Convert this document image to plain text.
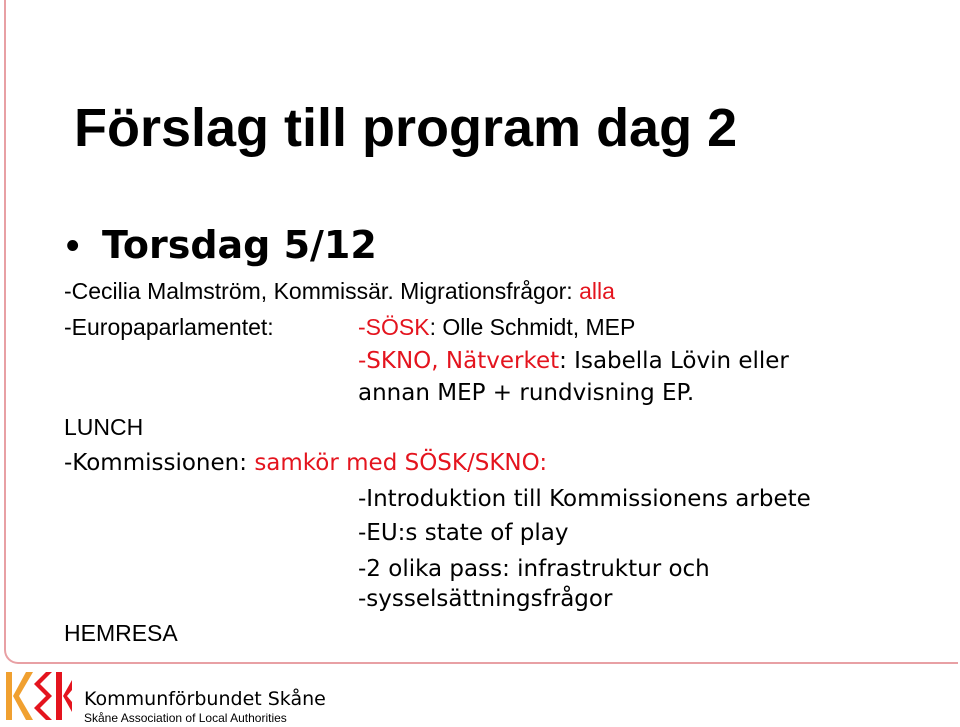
Förslag till program dag 2
• Torsdag 5/12
-Cecilia Malmström, Kommissär. Migrationsfrågor: alla
-Europaparlamentet:	-SÖSK: Olle Schmidt, MEP
-SKNO, Nätverket: Isabella Lövin eller
annan MEP + rundvisning EP.
LUNCH
-Kommissionen: samkör med SÖSK/SKNO:
-Introduktion till Kommissionens arbete
-EU:s state of play
-2 olika pass: infrastruktur och
-sysselsättningsfrågor
HEMRESA
Kommunförbundet Skåne
Skåne Association of Local Authorities
